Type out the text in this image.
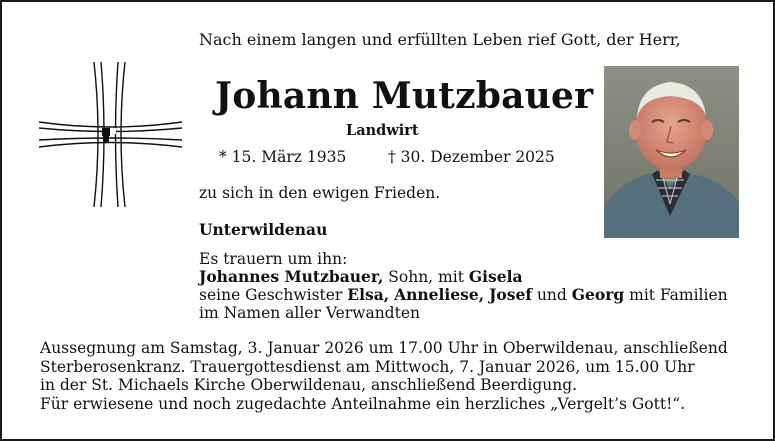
Nach einem langen und erfüllten Leben rief Gott, der Herr,
Johann Mutzbauer
Landwirt
* 15. März 1935	† 30. Dezember 2025
zu sich in den ewigen Frieden.
Unterwildenau
Es trauern um ihn:
Johannes Mutzbauer, Sohn, mit Gisela
seine Geschwister Elsa, Anneliese, Josef und Georg mit Familien
im Namen aller Verwandten
Aussegnung am Samstag, 3. Januar 2026 um 17.00 Uhr in Oberwildenau, anschließend
Sterberosenkranz. Trauergottesdienst am Mittwoch, 7. Januar 2026, um 15.00 Uhr
in der St. Michaels Kirche Oberwildenau, anschließend Beerdigung.
Für erwiesene und noch zugedachte Anteilnahme ein herzliches „Vergelt’s Gott!“.
